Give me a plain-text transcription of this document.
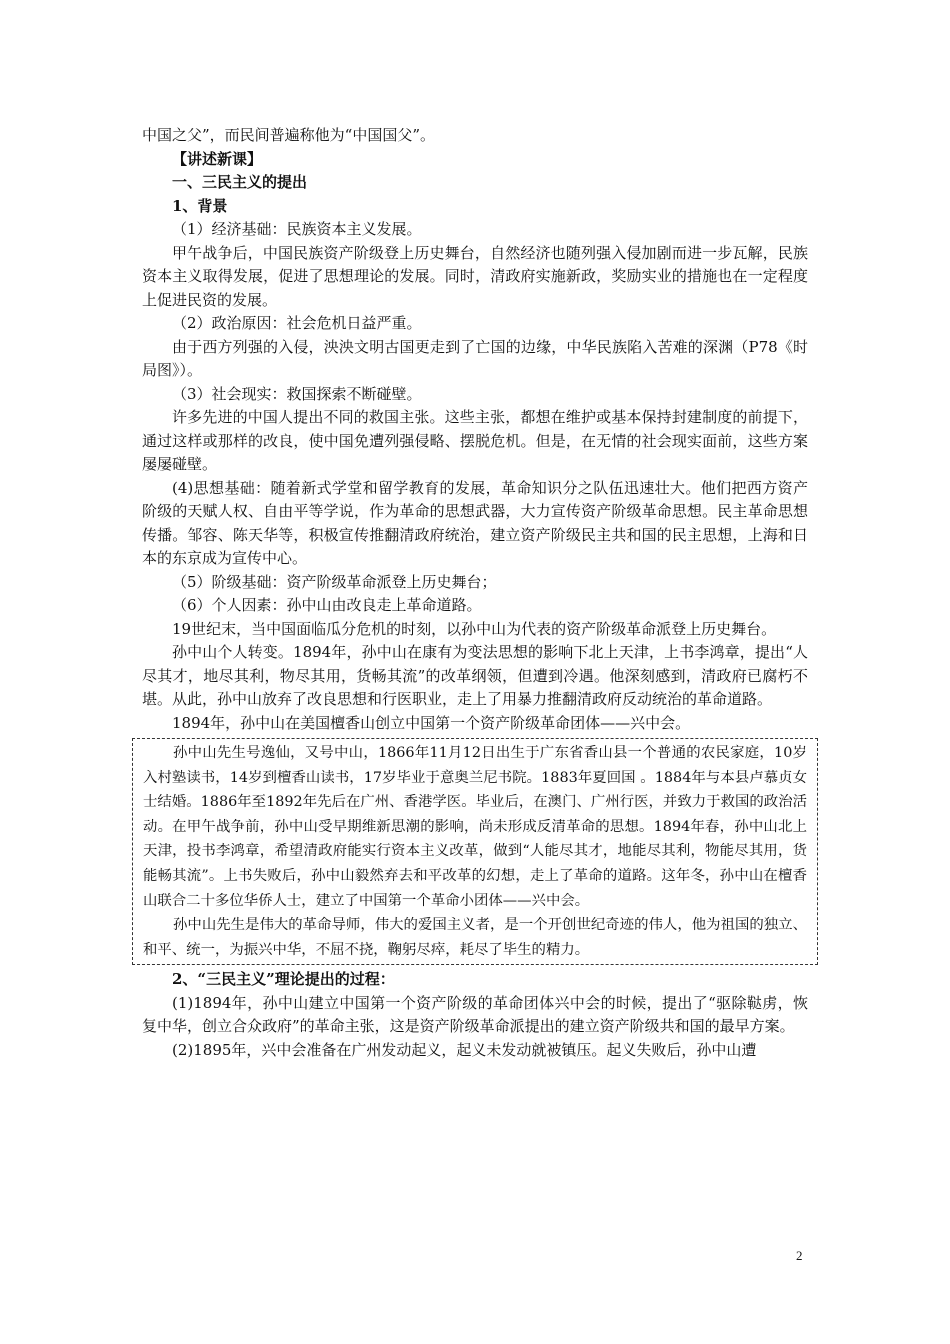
中国之父”，而民间普遍称他为“中国国父”。

【讲述新课】

一、三民主义的提出

1、背景

（1）经济基础：民族资本主义发展。

甲午战争后，中国民族资产阶级登上历史舞台，自然经济也随列强入侵加剧而进一步瓦解，民族资本主义取得发展，促进了思想理论的发展。同时，清政府实施新政，奖励实业的措施也在一定程度上促进民资的发展。

（2）政治原因：社会危机日益严重。

由于西方列强的入侵，泱泱文明古国更走到了亡国的边缘，中华民族陷入苦难的深渊（P78《时局图》）。

（3）社会现实：救国探索不断碰壁。

许多先进的中国人提出不同的救国主张。这些主张，都想在维护或基本保持封建制度的前提下，通过这样或那样的改良，使中国免遭列强侵略、摆脱危机。但是，在无情的社会现实面前，这些方案屡屡碰壁。

(4)思想基础：随着新式学堂和留学教育的发展，革命知识分之队伍迅速壮大。他们把西方资产阶级的天赋人权、自由平等学说，作为革命的思想武器，大力宣传资产阶级革命思想。民主革命思想传播。邹容、陈天华等，积极宣传推翻清政府统治，建立资产阶级民主共和国的民主思想，上海和日本的东京成为宣传中心。

（5）阶级基础：资产阶级革命派登上历史舞台；

（6）个人因素：孙中山由改良走上革命道路。

19世纪末，当中国面临瓜分危机的时刻，以孙中山为代表的资产阶级革命派登上历史舞台。

孙中山个人转变。1894年，孙中山在康有为变法思想的影响下北上天津，上书李鸿章，提出“人尽其才，地尽其利，物尽其用，货畅其流”的改革纲领，但遭到冷遇。他深刻感到，清政府已腐朽不堪。从此，孙中山放弃了改良思想和行医职业，走上了用暴力推翻清政府反动统治的革命道路。

1894年，孙中山在美国檀香山创立中国第一个资产阶级革命团体——兴中会。

孙中山先生号逸仙，又号中山，1866年11月12日出生于广东省香山县一个普通的农民家庭，10岁入村塾读书，14岁到檀香山读书，17岁毕业于意奥兰尼书院。1883年夏回国 。1884年与本县卢慕贞女士结婚。1886年至1892年先后在广州、香港学医。毕业后，在澳门、广州行医，并致力于救国的政治活动。在甲午战争前，孙中山受早期维新思潮的影响，尚未形成反清革命的思想。1894年春，孙中山北上天津，投书李鸿章，希望清政府能实行资本主义改革，做到“人能尽其才，地能尽其利，物能尽其用，货能畅其流”。上书失败后，孙中山毅然弃去和平改革的幻想，走上了革命的道路。这年冬，孙中山在檀香山联合二十多位华侨人士，建立了中国第一个革命小团体——兴中会。

孙中山先生是伟大的革命导师，伟大的爱国主义者，是一个开创世纪奇迹的伟人，他为祖国的独立、和平、统一，为振兴中华，不屈不挠，鞠躬尽瘁，耗尽了毕生的精力。

2、“三民主义”理论提出的过程：

(1)1894年，孙中山建立中国第一个资产阶级的革命团体兴中会的时候，提出了“驱除鞑虏，恢复中华，创立合众政府”的革命主张，这是资产阶级革命派提出的建立资产阶级共和国的最早方案。

(2)1895年，兴中会准备在广州发动起义，起义未发动就被镇压。起义失败后，孙中山遭

2
